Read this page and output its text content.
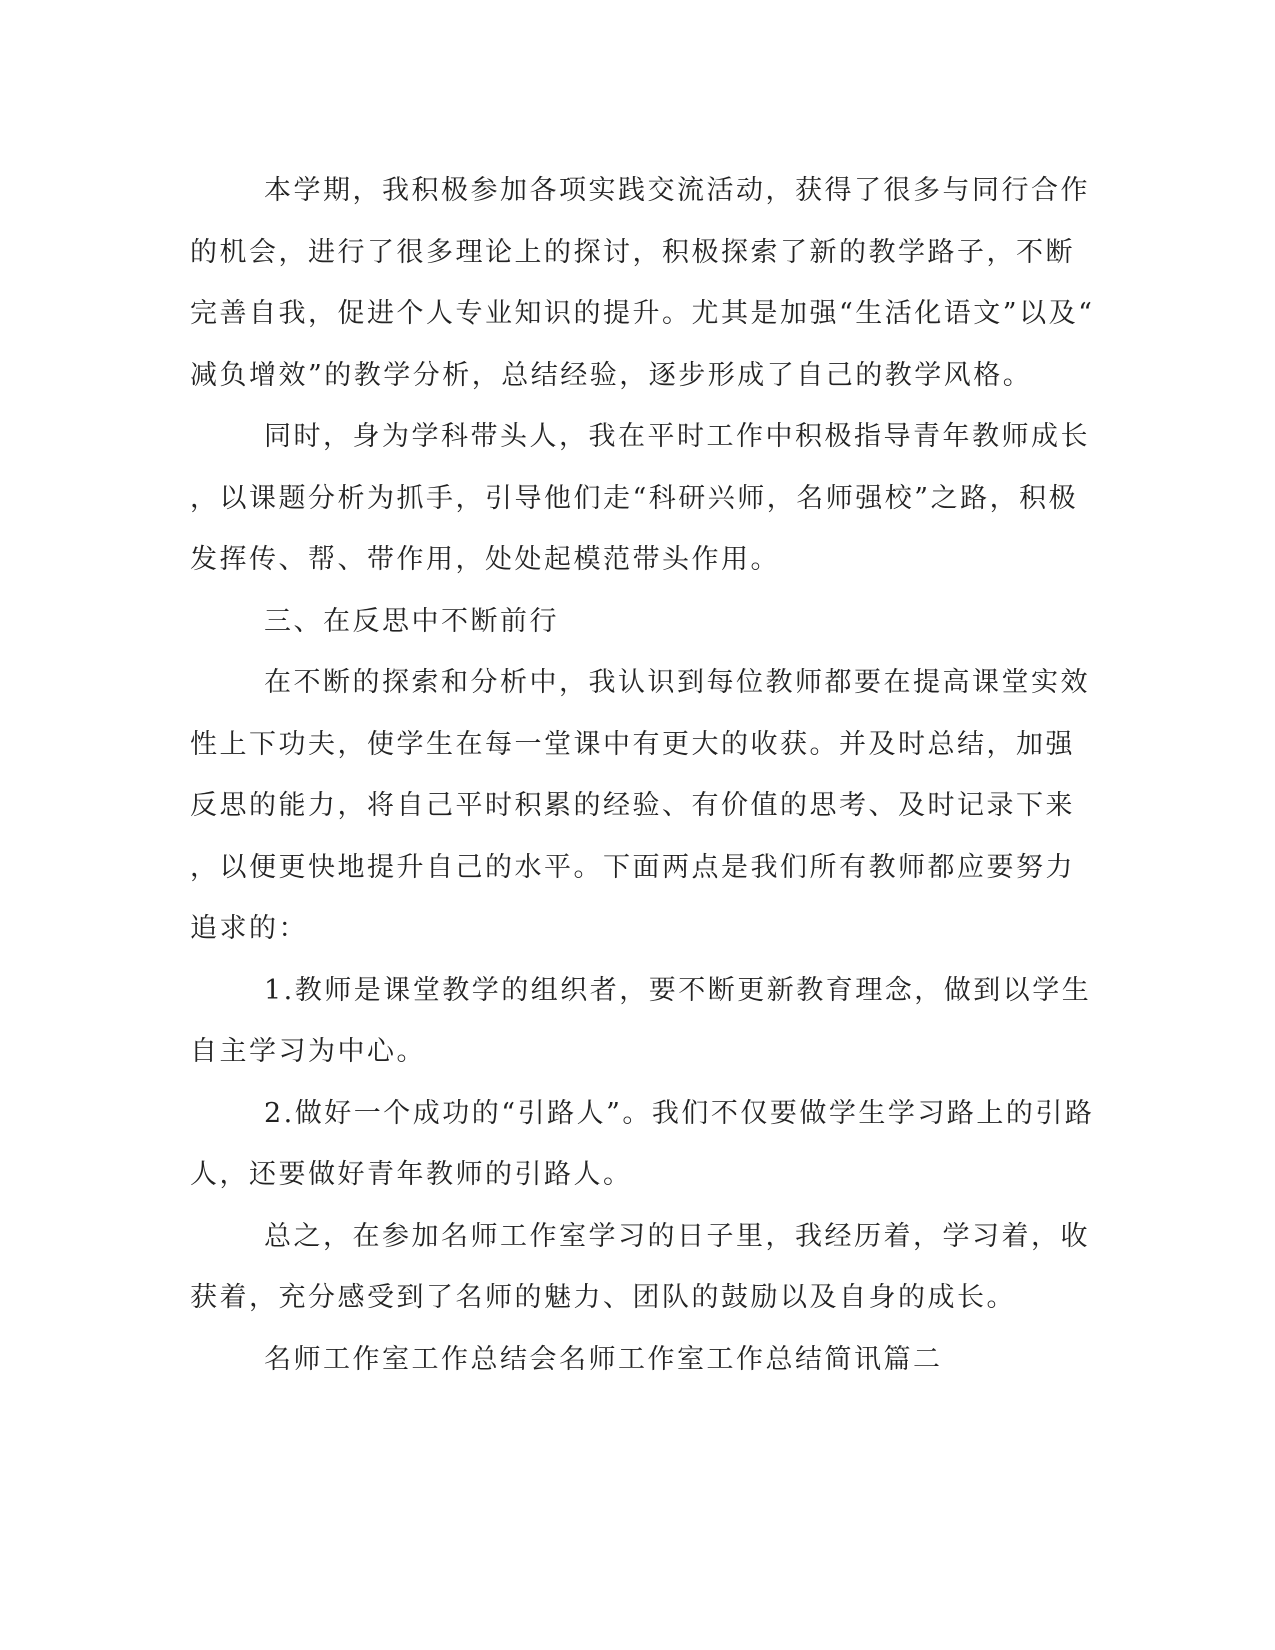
本学期，我积极参加各项实践交流活动，获得了很多与同行合作
的机会，进行了很多理论上的探讨，积极探索了新的教学路子，不断
完善自我，促进个人专业知识的提升。尤其是加强“生活化语文”以及“
减负增效”的教学分析，总结经验，逐步形成了自己的教学风格。
同时，身为学科带头人，我在平时工作中积极指导青年教师成长
，以课题分析为抓手，引导他们走“科研兴师，名师强校”之路，积极
发挥传、帮、带作用，处处起模范带头作用。
三、在反思中不断前行
在不断的探索和分析中，我认识到每位教师都要在提高课堂实效
性上下功夫，使学生在每一堂课中有更大的收获。并及时总结，加强
反思的能力，将自己平时积累的经验、有价值的思考、及时记录下来
，以便更快地提升自己的水平。下面两点是我们所有教师都应要努力
追求的：
1.教师是课堂教学的组织者，要不断更新教育理念，做到以学生
自主学习为中心。
2.做好一个成功的“引路人”。我们不仅要做学生学习路上的引路
人，还要做好青年教师的引路人。
总之，在参加名师工作室学习的日子里，我经历着，学习着，收
获着，充分感受到了名师的魅力、团队的鼓励以及自身的成长。
名师工作室工作总结会名师工作室工作总结简讯篇二
